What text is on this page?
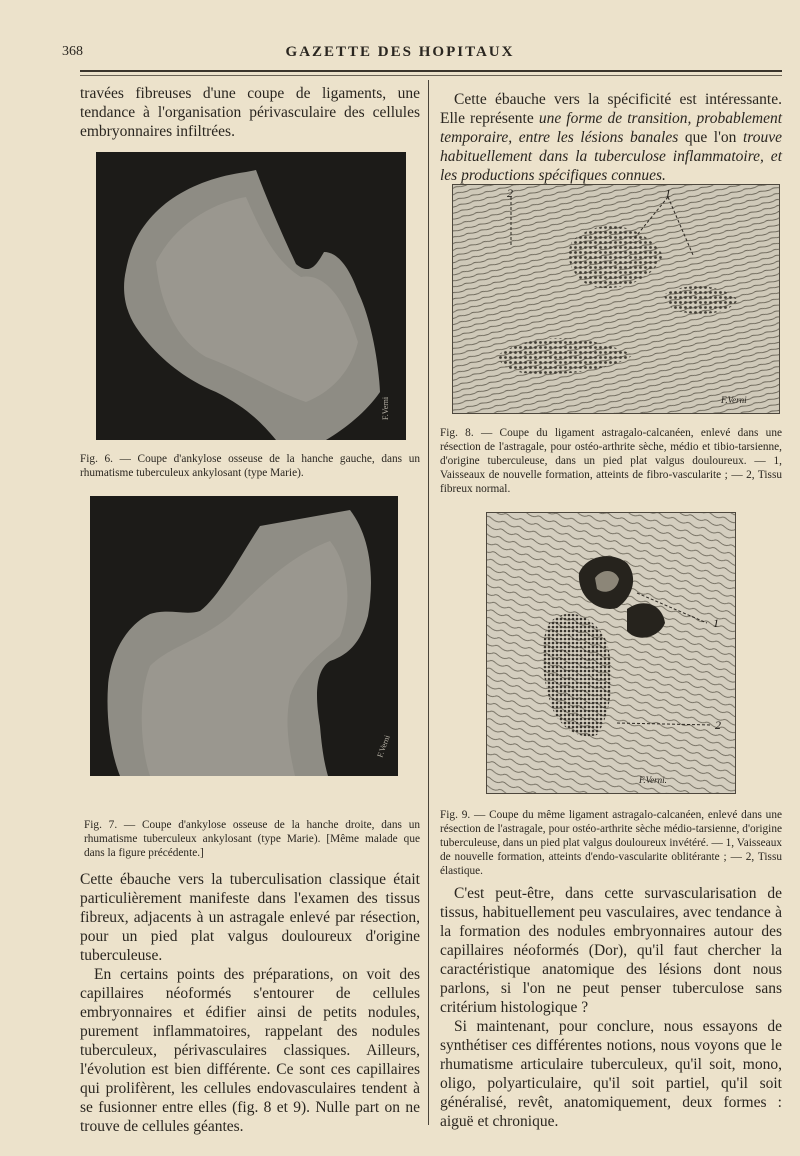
368	GAZETTE DES HOPITAUX

travées fibreuses d'une coupe de ligaments, une tendance à l'organisation périvasculaire des cellules embryonnaires infiltrées.

F.Verni

Fig. 6. — Coupe d'ankylose osseuse de la hanche gauche, dans un rhumatisme tuberculeux ankylosant (type Marie).

F.Verni

Fig. 7. — Coupe d'ankylose osseuse de la hanche droite, dans un rhumatisme tuberculeux ankylosant (type Marie). [Même malade que dans la figure précédente.]

Cette ébauche vers la tuberculisation classique était particulièrement manifeste dans l'examen des tissus fibreux, adjacents à un astragale enlevé par résection, pour un pied plat valgus douloureux d'origine tuberculeuse.

En certains points des préparations, on voit des capillaires néoformés s'entourer de cellules embryonnaires et édifier ainsi de petits nodules, purement inflammatoires, rappelant des nodules tuberculeux, périvasculaires classiques. Ailleurs, l'évolution est bien différente. Ce sont ces capillaires qui prolifèrent, les cellules endovasculaires tendent à se fusionner entre elles (fig. 8 et 9). Nulle part on ne trouve de cellules géantes.

Cette ébauche vers la spécificité est intéressante. Elle représente une forme de transition, probablement temporaire, entre les lésions banales que l'on trouve habituellement dans la tuberculose inflammatoire, et les productions spécifiques connues.

2	1
F.Verni

Fig. 8. — Coupe du ligament astragalo-calcanéen, enlevé dans une résection de l'astragale, pour ostéo-arthrite sèche, médio et tibio-tarsienne, d'origine tuberculeuse, dans un pied plat valgus douloureux. — 1, Vaisseaux de nouvelle formation, atteints de fibro-vascularite ; — 2, Tissu fibreux normal.

1
2
F.Verni.

Fig. 9. — Coupe du même ligament astragalo-calcanéen, enlevé dans une résection de l'astragale, pour ostéo-arthrite sèche médio-tarsienne, d'origine tuberculeuse, dans un pied plat valgus douloureux invétéré. — 1, Vaisseaux de nouvelle formation, atteints d'endo-vascularite oblitérante ; — 2, Tissu élastique.

C'est peut-être, dans cette survascularisation de tissus, habituellement peu vasculaires, avec tendance à la formation des nodules embryonnaires autour des capillaires néoformés (Dor), qu'il faut chercher la caractéristique anatomique des lésions dont nous parlons, si l'on ne peut penser tuberculose sans critérium histologique ?

Si maintenant, pour conclure, nous essayons de synthétiser ces différentes notions, nous voyons que le rhumatisme articulaire tuberculeux, qu'il soit, mono, oligo, polyarticulaire, qu'il soit partiel, qu'il soit généralisé, revêt, anatomiquement, deux formes : aiguë et chronique.
